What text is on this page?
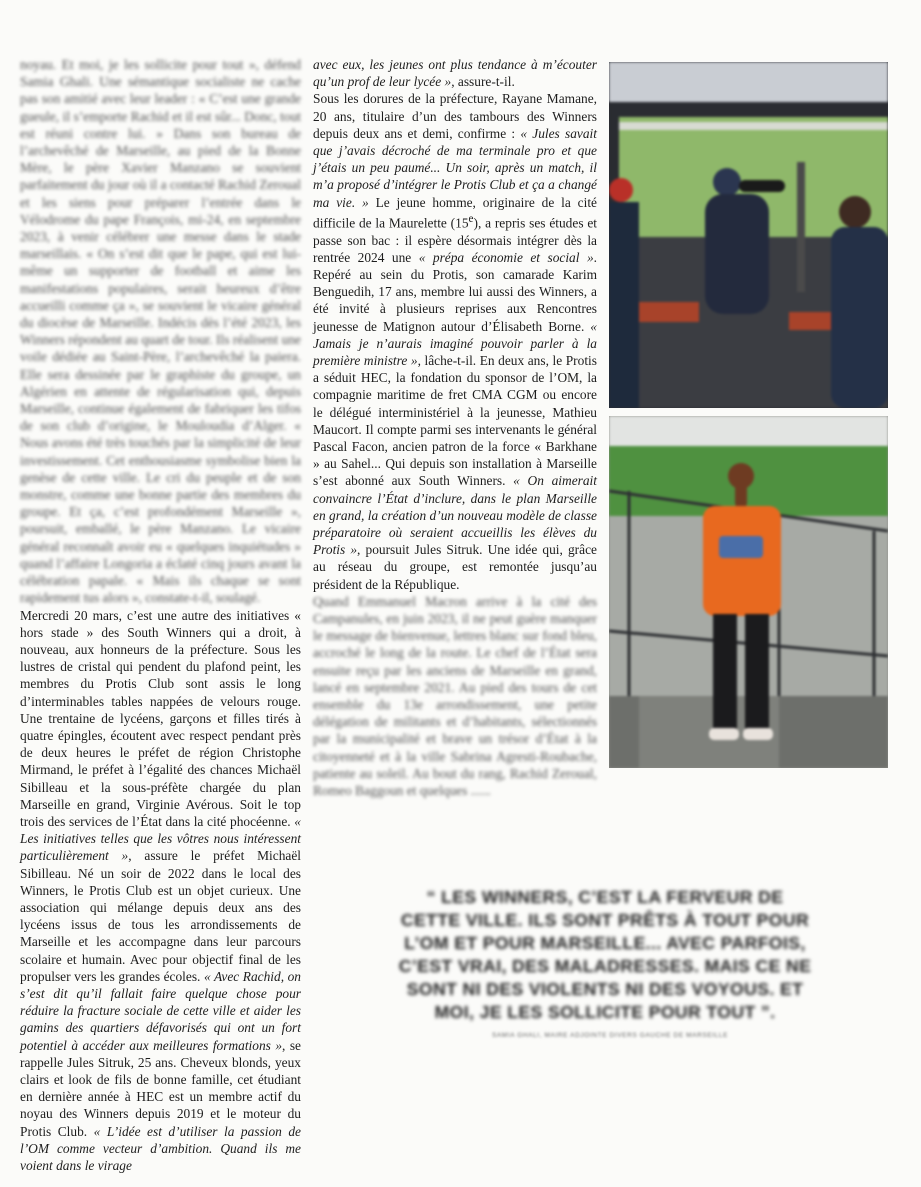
noyau. Et moi, je les sollicite pour tout », défend Samia Ghali. Une sémantique socialiste ne cache pas son amitié avec leur leader : « C’est une grande gueule, il s’emporte Rachid et il est sûr... Donc, tout est réuni contre lui. » Dans son bureau de l’archevêché de Marseille, au pied de la Bonne Mère, le père Xavier Manzano se souvient parfaitement du jour où il a contacté Rachid Zeroual et les siens pour préparer l’entrée dans le Vélodrome du pape François, mi-24, en septembre 2023, à venir célébrer une messe dans le stade marseillais. « On s’est dit que le pape, qui est lui-même un supporter de football et aime les manifestations populaires, serait heureux d’être accueilli comme ça », se souvient le vicaire général du diocèse de Marseille. Indécis dès l’été 2023, les Winners répondent au quart de tour. Ils réalisent une voile dédiée au Saint-Père, l’archevêché la paiera. Elle sera dessinée par le graphiste du groupe, un Algérien en attente de régularisation qui, depuis Marseille, continue également de fabriquer les tifos de son club d’origine, le Mouloudia d’Alger. « Nous avons été très touchés par la simplicité de leur investissement. Cet enthousiasme symbolise bien la genèse de cette ville. Le cri du peuple et de son monstre, comme une bonne partie des membres du groupe. Et ça, c’est profondément Marseille », poursuit, emballé, le père Manzano. Le vicaire général reconnaît avoir eu « quelques inquiétudes » quand l’affaire Longoria a éclaté cinq jours avant la célébration papale. « Mais ils chaque se sont rapidement tus alors », constate-t-il, soulagé.

Mercredi 20 mars, c’est une autre des initiatives « hors stade » des South Winners qui a droit, à nouveau, aux honneurs de la préfecture. Sous les lustres de cristal qui pendent du plafond peint, les membres du Protis Club sont assis le long d’interminables tables nappées de velours rouge. Une trentaine de lycéens, garçons et filles tirés à quatre épingles, écoutent avec respect pendant près de deux heures le préfet de région Christophe Mirmand, le préfet à l’égalité des chances Michaël Sibilleau et la sous-préfète chargée du plan Marseille en grand, Virginie Avérous. Soit le top trois des services de l’État dans la cité phocéenne. « Les initiatives telles que les vôtres nous intéressent particulièrement », assure le préfet Michaël Sibilleau. Né un soir de 2022 dans le local des Winners, le Protis Club est un objet curieux. Une association qui mélange depuis deux ans des lycéens issus de tous les arrondissements de Marseille et les accompagne dans leur parcours scolaire et humain. Avec pour objectif final de les propulser vers les grandes écoles. « Avec Rachid, on s’est dit qu’il fallait faire quelque chose pour réduire la fracture sociale de cette ville et aider les gamins des quartiers défavorisés qui ont un fort potentiel à accéder aux meilleures formations », se rappelle Jules Sitruk, 25 ans. Cheveux blonds, yeux clairs et look de fils de bonne famille, cet étudiant en dernière année à HEC est un membre actif du noyau des Winners depuis 2019 et le moteur du Protis Club. « L’idée est d’utiliser la passion de l’OM comme vecteur d’ambition. Quand ils me voient dans le virage

avec eux, les jeunes ont plus tendance à m’écouter qu’un prof de leur lycée », assure-t-il.

Sous les dorures de la préfecture, Rayane Mamane, 20 ans, titulaire d’un des tambours des Winners depuis deux ans et demi, confirme : « Jules savait que j’avais décroché de ma terminale pro et que j’étais un peu paumé... Un soir, après un match, il m’a proposé d’intégrer le Protis Club et ça a changé ma vie. » Le jeune homme, originaire de la cité difficile de la Maurelette (15e), a repris ses études et passe son bac : il espère désormais intégrer dès la rentrée 2024 une « prépa économie et social ». Repéré au sein du Protis, son camarade Karim Benguedih, 17 ans, membre lui aussi des Winners, a été invité à plusieurs reprises aux Rencontres jeunesse de Matignon autour d’Élisabeth Borne. « Jamais je n’aurais imaginé pouvoir parler à la première ministre », lâche-t-il. En deux ans, le Protis a séduit HEC, la fondation du sponsor de l’OM, la compagnie maritime de fret CMA CGM ou encore le délégué interministériel à la jeunesse, Mathieu Maucort. Il compte parmi ses intervenants le général Pascal Facon, ancien patron de la force « Barkhane » au Sahel... Qui depuis son installation à Marseille s’est abonné aux South Winners. « On aimerait convaincre l’État d’inclure, dans le plan Marseille en grand, la création d’un nouveau modèle de classe préparatoire où seraient accueillis les élèves du Protis », poursuit Jules Sitruk. Une idée qui, grâce au réseau du groupe, est remontée jusqu’au président de la République.

Quand Emmanuel Macron arrive à la cité des Campanules, en juin 2023, il ne peut guère manquer le message de bienvenue, lettres blanc sur fond bleu, accroché le long de la route. Le chef de l’État sera ensuite reçu par les anciens de Marseille en grand, lancé en septembre 2021. Au pied des tours de cet ensemble du 13e arrondissement, une petite délégation de militants et d’habitants, sélectionnés par la municipalité et brave un trésor d’État à la citoyenneté et à la ville Sabrina Agresti-Roubache, patiente au soleil. Au bout du rang, Rachid Zeroual, Romeo Baggoun et quelques ......

“ LES WINNERS, C’EST LA FERVEUR DE CETTE VILLE. ILS SONT PRÊTS À TOUT POUR L’OM ET POUR MARSEILLE... AVEC PARFOIS, C’EST VRAI, DES MALADRESSES. MAIS CE NE SONT NI DES VIOLENTS NI DES VOYOUS. ET MOI, JE LES SOLLICITE POUR TOUT ”.
SAMIA GHALI, MAIRE ADJOINTE DIVERS GAUCHE DE MARSEILLE
